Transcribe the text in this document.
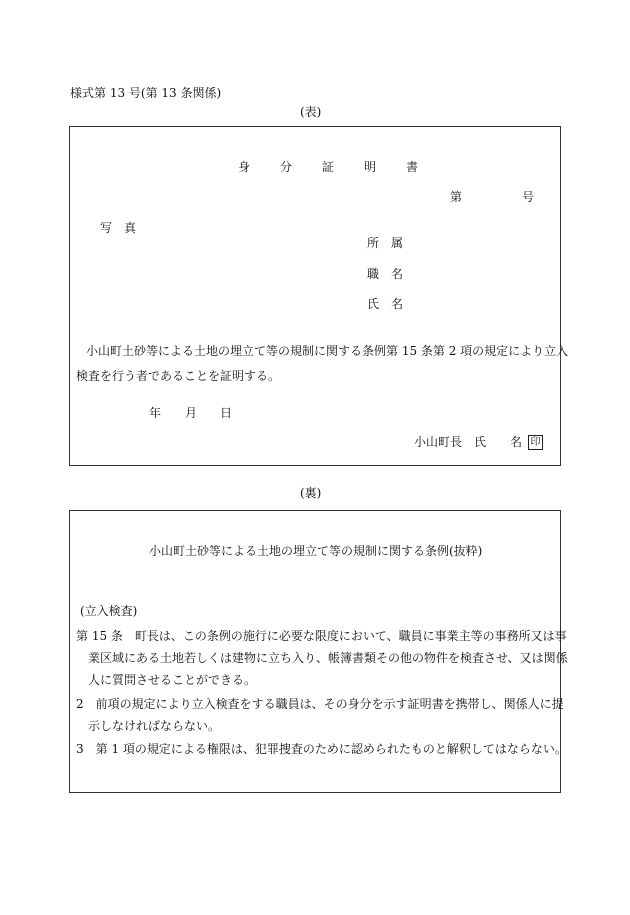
様式第 13 号(第 13 条関係)
(表)
身分証明書
第	号
写　真
所　属
職　名
氏　名
小山町土砂等による土地の埋立て等の規制に関する条例第 15 条第 2 項の規定により立入
検査を行う者であることを証明する。
年 月 日
小山町長　氏　　名 印
(裏)
小山町土砂等による土地の埋立て等の規制に関する条例(抜粋)
(立入検査)
第 15 条　町長は、この条例の施行に必要な限度において、職員に事業主等の事務所又は事
業区域にある土地若しくは建物に立ち入り、帳簿書類その他の物件を検査させ、又は関係
人に質問させることができる。
2　前項の規定により立入検査をする職員は、その身分を示す証明書を携帯し、関係人に提
示しなければならない。
3　第 1 項の規定による権限は、犯罪捜査のために認められたものと解釈してはならない。
